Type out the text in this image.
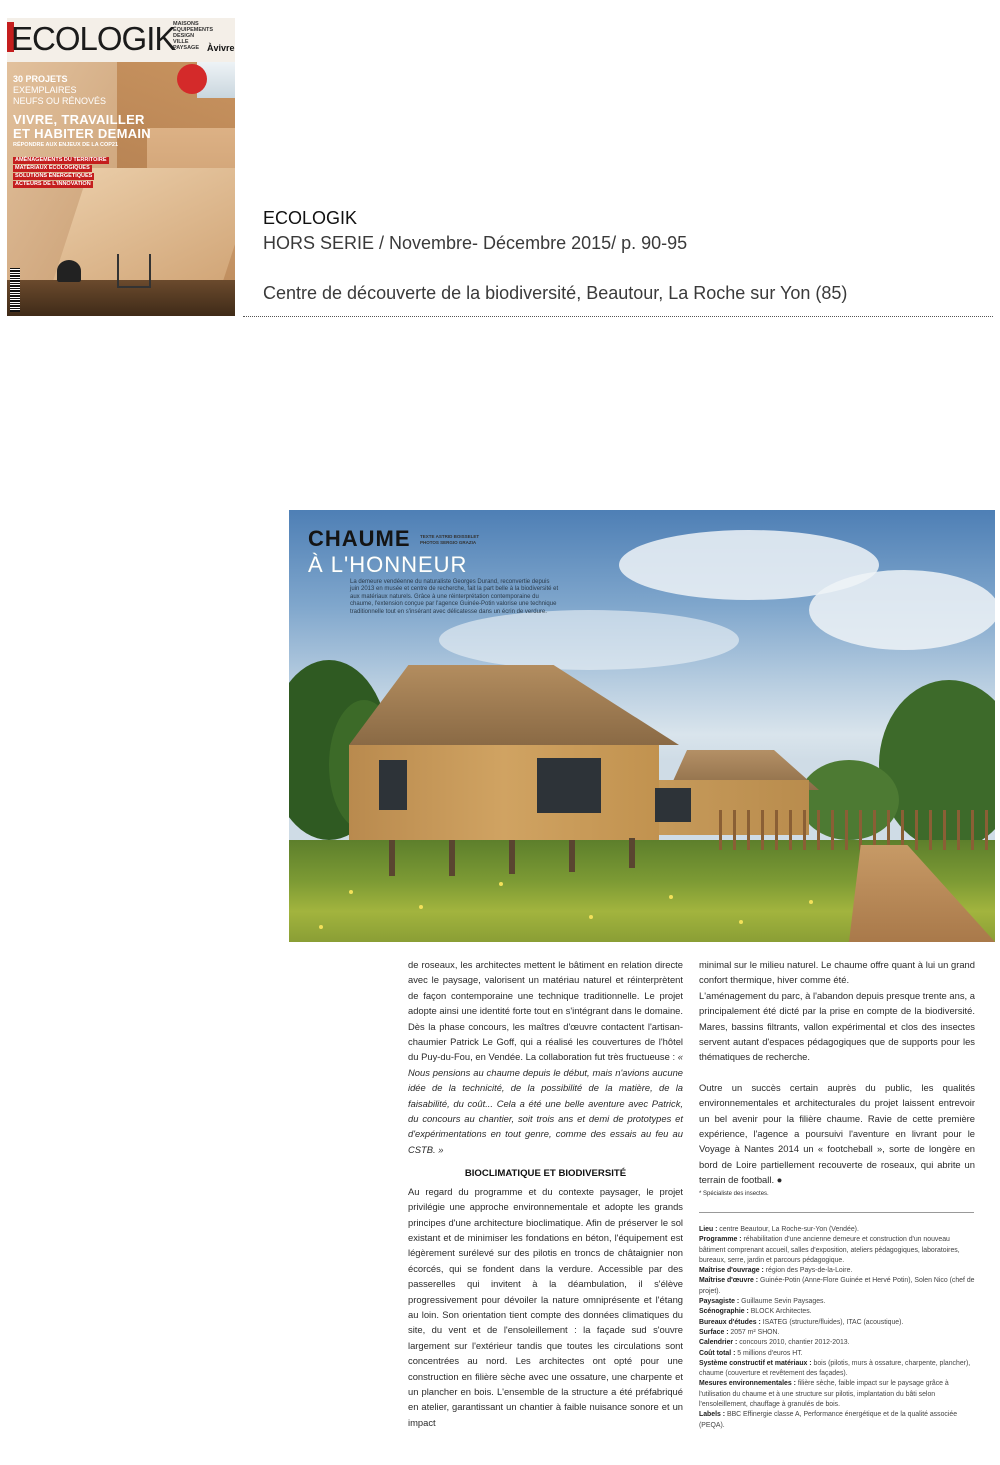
ECOLOGIK
MAISONS
ÉQUIPEMENTS
DESIGN
VILLE
PAYSAGE Àvivre
30 PROJETS
EXEMPLAIRES
NEUFS OU RÉNOVÉS
VIVRE, TRAVAILLER
ET HABITER DEMAIN
RÉPONDRE AUX ENJEUX DE LA COP21
AMÉNAGEMENTS DU TERRITOIRE
MATÉRIAUX ÉCOLOGIQUES
SOLUTIONS ÉNERGÉTIQUES
ACTEURS DE L'INNOVATION
ECOLOGIK
HORS SERIE / Novembre- Décembre 2015/ p. 90-95
Centre de découverte de la biodiversité, Beautour, La Roche sur Yon (85)
CHAUME
À L'HONNEUR
TEXTE ASTRID BOISSELET
PHOTOS SERGIO GRAZIA
La demeure vendéenne du naturaliste Georges Durand, reconvertie depuis juin 2013 en musée et centre de recherche, fait la part belle à la biodiversité et aux matériaux naturels. Grâce à une réinterprétation contemporaine du chaume, l'extension conçue par l'agence Guinée-Potin valorise une technique traditionnelle tout en s'insérant avec délicatesse dans un écrin de verdure.

de roseaux, les architectes mettent le bâtiment en relation directe avec le paysage, valorisent un matériau naturel et réinterprètent de façon contemporaine une technique traditionnelle. Le projet adopte ainsi une identité forte tout en s'intégrant dans le domaine. Dès la phase concours, les maîtres d'œuvre contactent l'artisan-chaumier Patrick Le Goff, qui a réalisé les couvertures de l'hôtel du Puy-du-Fou, en Vendée. La collaboration fut très fructueuse : « Nous pensions au chaume depuis le début, mais n'avions aucune idée de la technicité, de la possibilité de la matière, de la faisabilité, du coût... Cela a été une belle aventure avec Patrick, du concours au chantier, soit trois ans et demi de prototypes et d'expérimentations en tout genre, comme des essais au feu au CSTB. »

BIOCLIMATIQUE ET BIODIVERSITÉ

Au regard du programme et du contexte paysager, le projet privilégie une approche environnementale et adopte les grands principes d'une architecture bioclimatique. Afin de préserver le sol existant et de minimiser les fondations en béton, l'équipement est légèrement surélevé sur des pilotis en troncs de châtaignier non écorcés, qui se fondent dans la verdure. Accessible par des passerelles qui invitent à la déambulation, il s'élève progressivement pour dévoiler la nature omniprésente et l'étang au loin. Son orientation tient compte des données climatiques du site, du vent et de l'ensoleillement : la façade sud s'ouvre largement sur l'extérieur tandis que toutes les circulations sont concentrées au nord. Les architectes ont opté pour une construction en filière sèche avec une ossature, une charpente et un plancher en bois. L'ensemble de la structure a été préfabriqué en atelier, garantissant un chantier à faible nuisance sonore et un impact

minimal sur le milieu naturel. Le chaume offre quant à lui un grand confort thermique, hiver comme été.

L'aménagement du parc, à l'abandon depuis presque trente ans, a principalement été dicté par la prise en compte de la biodiversité. Mares, bassins filtrants, vallon expérimental et clos des insectes servent autant d'espaces pédagogiques que de supports pour les thématiques de recherche.

Outre un succès certain auprès du public, les qualités environnementales et architecturales du projet laissent entrevoir un bel avenir pour la filière chaume. Ravie de cette première expérience, l'agence a poursuivi l'aventure en livrant pour le Voyage à Nantes 2014 un « footcheball », sorte de longère en bord de Loire partiellement recouverte de roseaux, qui abrite un terrain de football. ●

* Spécialiste des insectes.
Lieu : centre Beautour, La Roche-sur-Yon (Vendée).
Programme : réhabilitation d'une ancienne demeure et construction d'un nouveau bâtiment comprenant accueil, salles d'exposition, ateliers pédagogiques, laboratoires, bureaux, serre, jardin et parcours pédagogique.
Maîtrise d'ouvrage : région des Pays-de-la-Loire.
Maîtrise d'œuvre : Guinée-Potin (Anne-Flore Guinée et Hervé Potin), Solen Nico (chef de projet).
Paysagiste : Guillaume Sevin Paysages.
Scénographie : BLOCK Architectes.
Bureaux d'études : ISATEG (structure/fluides), ITAC (acoustique).
Surface : 2057 m² SHON.
Calendrier : concours 2010, chantier 2012-2013.
Coût total : 5 millions d'euros HT.
Système constructif et matériaux : bois (pilotis, murs à ossature, charpente, plancher), chaume (couverture et revêtement des façades).
Mesures environnementales : filière sèche, faible impact sur le paysage grâce à l'utilisation du chaume et à une structure sur pilotis, implantation du bâti selon l'ensoleillement, chauffage à granulés de bois.
Labels : BBC Effinergie classe A, Performance énergétique et de la qualité associée (PEQA).
